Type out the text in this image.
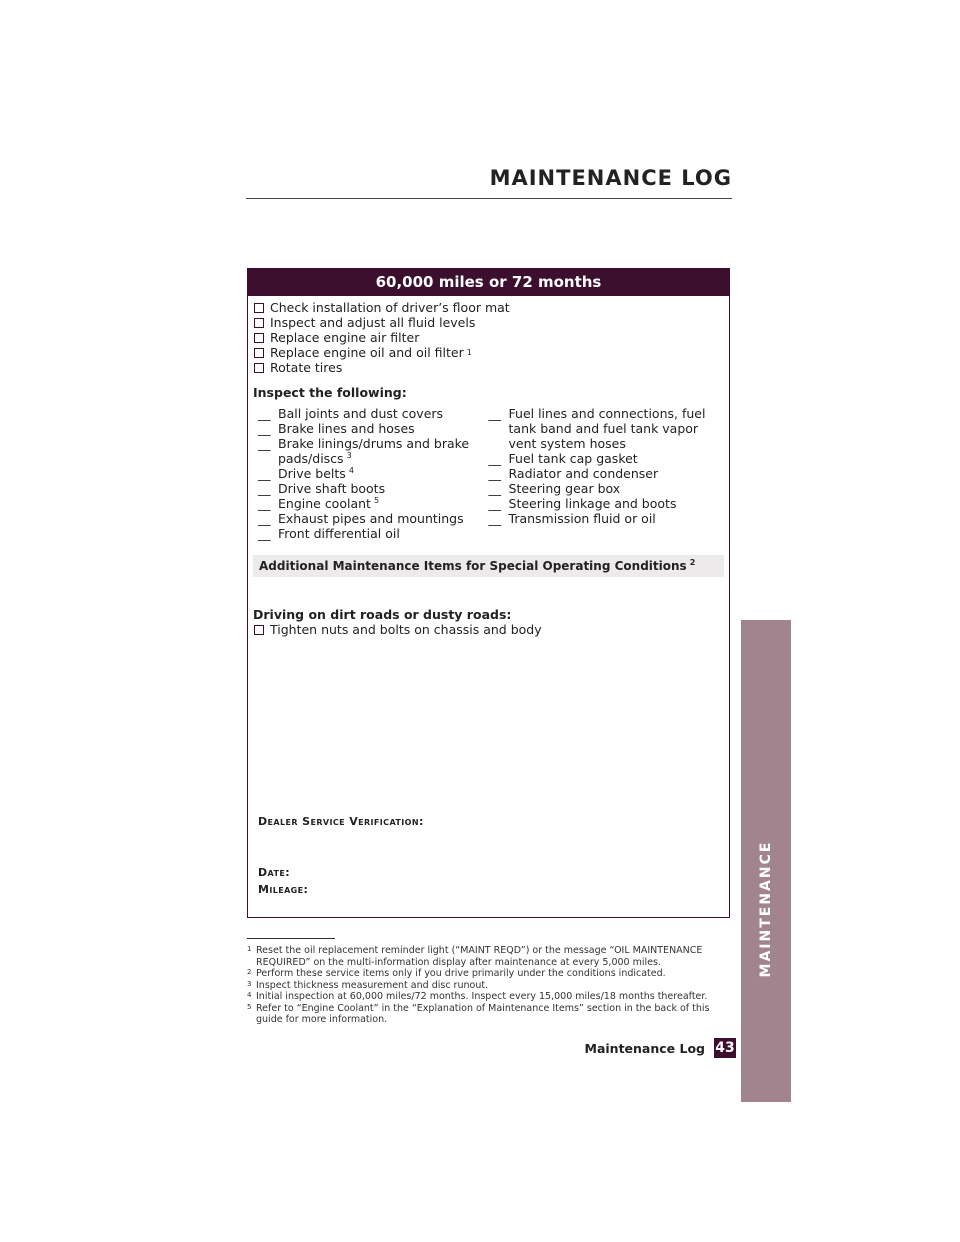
MAINTENANCE LOG
60,000 miles or 72 months
Check installation of driver’s floor mat
Inspect and adjust all fluid levels
Replace engine air filter
Replace engine oil and oil filter 1
Rotate tires
Inspect the following:
__ Ball joints and dust covers
__ Brake lines and hoses
__ Brake linings/drums and brake pads/discs $^3$
__ Drive belts $^4$
__ Drive shaft boots
__ Engine coolant $^5$
__ Exhaust pipes and mountings
__ Front differential oil
__ Fuel lines and connections, fuel tank band and fuel tank vapor vent system hoses
__ Fuel tank cap gasket
__ Radiator and condenser
__ Steering gear box
__ Steering linkage and boots
__ Transmission fluid or oil
Additional Maintenance Items for Special Operating Conditions $^2$
Driving on dirt roads or dusty roads:
Tighten nuts and bolts on chassis and body
Dealer Service Verification:
Date:
Mileage:
1 Reset the oil replacement reminder light (“MAINT REQD”) or the message “OIL MAINTENANCE REQUIRED” on the multi-information display after maintenance at every 5,000 miles.
2 Perform these service items only if you drive primarily under the conditions indicated.
3 Inspect thickness measurement and disc runout.
4 Initial inspection at 60,000 miles/72 months. Inspect every 15,000 miles/18 months thereafter.
5 Refer to “Engine Coolant” in the “Explanation of Maintenance Items” section in the back of this guide for more information.
MAINTENANCE
Maintenance Log 43
